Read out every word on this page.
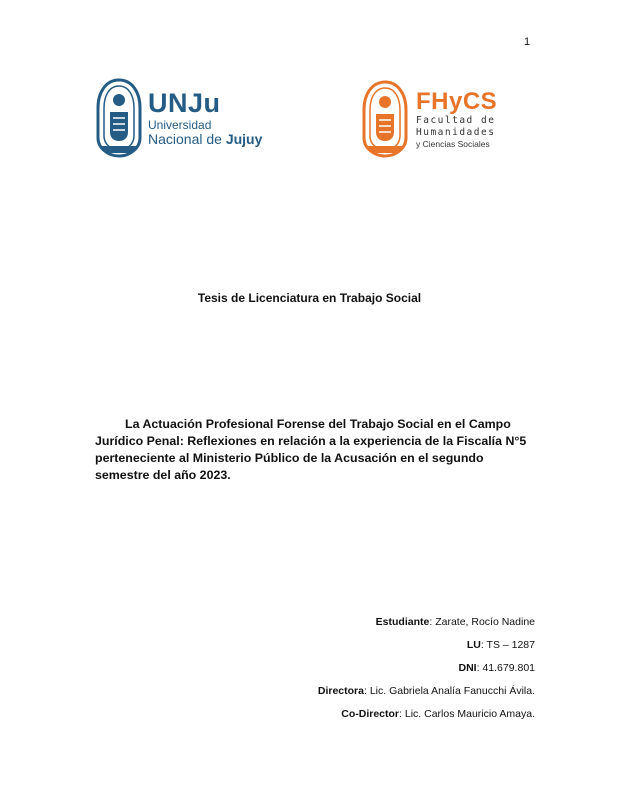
1
UNJu
Universidad
Nacional de Jujuy
FHyCS
Facultad de
Humanidades
y Ciencias Sociales
Tesis de Licenciatura en Trabajo Social
La Actuación Profesional Forense del Trabajo Social en el Campo Jurídico Penal: Reflexiones en relación a la experiencia de la Fiscalía N°5 perteneciente al Ministerio Público de la Acusación en el segundo semestre del año 2023.
Estudiante: Zarate, Rocío Nadine
LU: TS – 1287
DNI: 41.679.801
Directora: Lic. Gabriela Analía Fanucchi Ávila.
Co-Director: Lic. Carlos Mauricio Amaya.
